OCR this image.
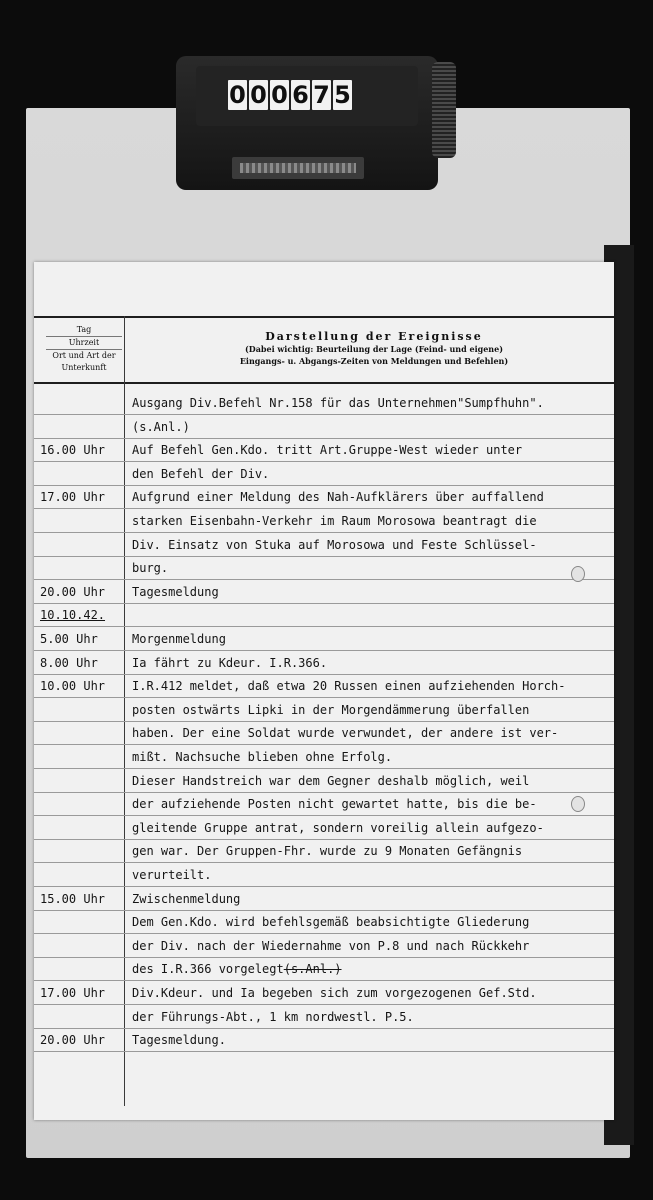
0 0 0 6 7 5
Tag
Uhrzeit
Ort und Art der Unterkunft
Darstellung der Ereignisse
(Dabei wichtig: Beurteilung der Lage (Feind- und eigene)
Eingangs- u. Abgangs-Zeiten von Meldungen und Befehlen)
Ausgang Div.Befehl Nr.158 für das Unternehmen"Sumpfhuhn".
(s.Anl.)
16.00 Uhr	Auf Befehl Gen.Kdo. tritt Art.Gruppe-West wieder unter
den Befehl der Div.
17.00 Uhr	Aufgrund einer Meldung des Nah-Aufklärers über auffallend
starken Eisenbahn-Verkehr im Raum Morosowa beantragt die
Div. Einsatz von Stuka auf Morosowa und Feste Schlüssel-
burg.
20.00 Uhr	Tagesmeldung
10.10.42.
5.00 Uhr	Morgenmeldung
8.00 Uhr	Ia fährt zu Kdeur. I.R.366.
10.00 Uhr	I.R.412 meldet, daß etwa 20 Russen einen aufziehenden Horch-
posten ostwärts Lipki in der Morgendämmerung überfallen
haben. Der eine Soldat wurde verwundet, der andere ist ver-
mißt. Nachsuche blieben ohne Erfolg.
Dieser Handstreich war dem Gegner deshalb möglich, weil
der aufziehende Posten nicht gewartet hatte, bis die be-
gleitende Gruppe antrat, sondern voreilig allein aufgezo-
gen war. Der Gruppen-Fhr. wurde zu 9 Monaten Gefängnis
verurteilt.
15.00 Uhr	Zwischenmeldung
Dem Gen.Kdo. wird befehlsgemäß beabsichtigte Gliederung
der Div. nach der Wiedernahme von P.8 und nach Rückkehr
des I.R.366 vorgelegt(s.Anl.)
17.00 Uhr	Div.Kdeur. und Ia begeben sich zum vorgezogenen Gef.Std.
der Führungs-Abt., 1 km nordwestl. P.5.
20.00 Uhr	Tagesmeldung.
